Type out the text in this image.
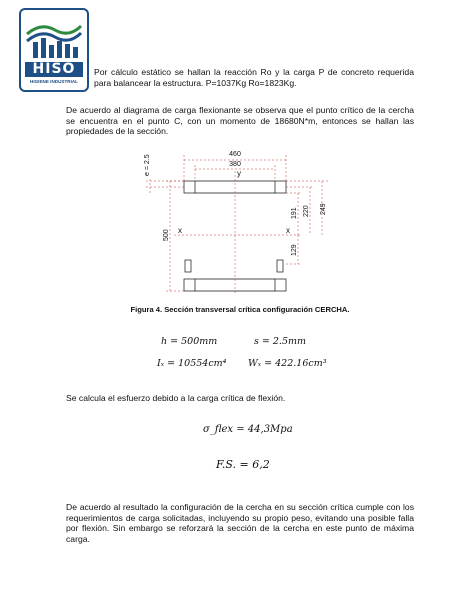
HISO
HIGIENE INDUSTRIAL
Por cálculo estático se hallan la reacción Ro y la carga P de concreto requerida para balancear la estructura. P=1037Kg Ro=1823Kg.
De acuerdo al diagrama de carga flexionante se observa que el punto crítico de la cercha se encuentra en el punto C, con un momento de 18680N*m, entonces se hallan las propiedades de la sección.
460
380
y
x	x
e = 2.5
500
191 220 249
129
Figura 4. Sección transversal crítica configuración CERCHA.
h = 500mm	s = 2.5mm
Iₓ = 10554cm⁴ Wₓ = 422.16cm³
Se calcula el esfuerzo debido a la carga crítica de flexión.
σ_flex = 44,3Mpa
F.S. = 6,2
De acuerdo al resultado la configuración de la cercha en su sección crítica cumple con los requerimientos de carga solicitadas, incluyendo su propio peso, evitando una posible falla por flexión. Sin embargo se reforzará la sección de la cercha en este punto de máxima carga.
